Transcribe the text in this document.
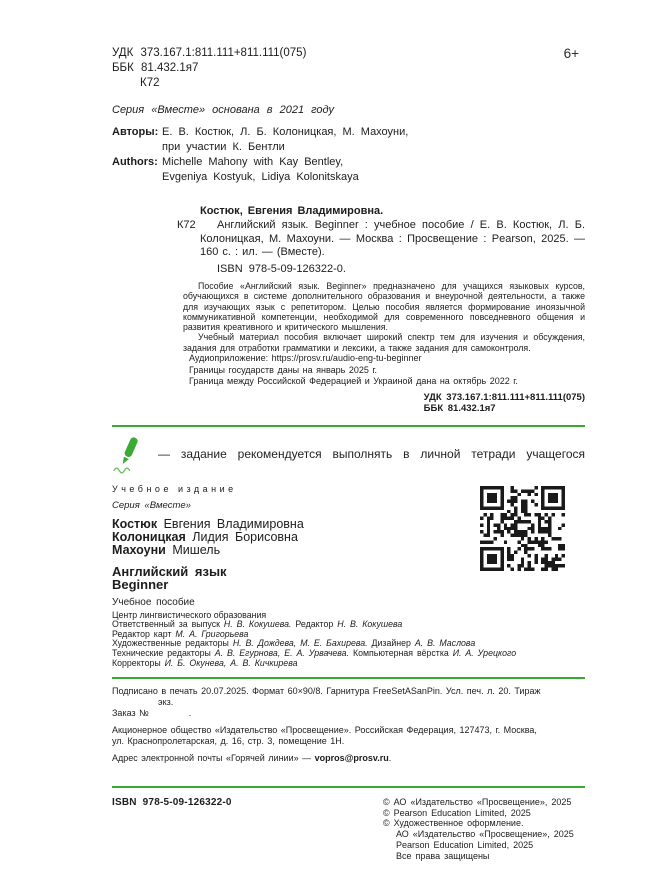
УДК 373.167.1:811.111+811.111(075)
ББК 81.432.1я7
К72
6+
Серия «Вместе» основана в 2021 году
Авторы: Е. В. Костюк, Л. Б. Колоницкая, М. Махоуни,
при участии К. Бентли
Authors: Michelle Mahony with Kay Bentley,
Evgeniya Kostyuk, Lidiya Kolonitskaya
К72
Костюк, Евгения Владимировна.

Английский язык. Beginner : учебное пособие / Е. В. Костюк, Л. Б. Колоницкая, М. Махоуни. — Москва : Просвещение : Pearson, 2025. — 160 с. : ил. — (Вместе).

ISBN 978-5-09-126322-0.

Пособие «Английский язык. Beginner» предназначено для учащихся языковых курсов, обучающихся в системе дополнительного образования и внеурочной деятельности, а также для изучающих язык с репетитором. Целью пособия является формирование иноязычной коммуникативной компетенции, необходимой для современного повседневного общения и развития креативного и критического мышления.

Учебный материал пособия включает широкий спектр тем для изучения и обсуждения, задания для отработки грамматики и лексики, а также задания для самоконтроля.

Аудиоприложение: https://prosv.ru/audio-eng-tu-beginner
Границы государств даны на январь 2025 г.
Граница между Российской Федерацией и Украиной дана на октябрь 2022 г.
УДК 373.167.1:811.111+811.111(075)
ББК 81.432.1я7
— задание рекомендуется выполнять в личной тетради учащегося
Учебное издание
Серия «Вместе»
Костюк Евгения Владимировна
Колоницкая Лидия Борисовна
Махоуни Мишель
Английский язык
Beginner
Учебное пособие
Центр лингвистического образования

Ответственный за выпуск Н. В. Кокушева. Редактор Н. В. Кокушева

Редактор карт М. А. Григорьева

Художественные редакторы Н. В. Дождева, М. Е. Бахирева. Дизайнер А. В. Маслова

Технические редакторы А. В. Егурнова, Е. А. Урвачева. Компьютерная вёрстка И. А. Урецкого

Корректоры И. Б. Окунева, А. В. Кичкирева

Подписано в печать 20.07.2025. Формат 60×90/8. Гарнитура FreeSetASanPin. Усл. печ. л. 20. Тиражэкз.
Заказ №	.
Акционерное общество «Издательство «Просвещение». Российская Федерация, 127473, г. Москва,
ул. Краснопролетарская, д. 16, стр. 3, помещение 1Н.
Адрес электронной почты «Горячей линии» — vopros@prosv.ru.
ISBN 978-5-09-126322-0	© АО «Издательство «Просвещение», 2025

© Pearson Education Limited, 2025

© Художественное оформление.

АО «Издательство «Просвещение», 2025

Pearson Education Limited, 2025

Все права защищены
